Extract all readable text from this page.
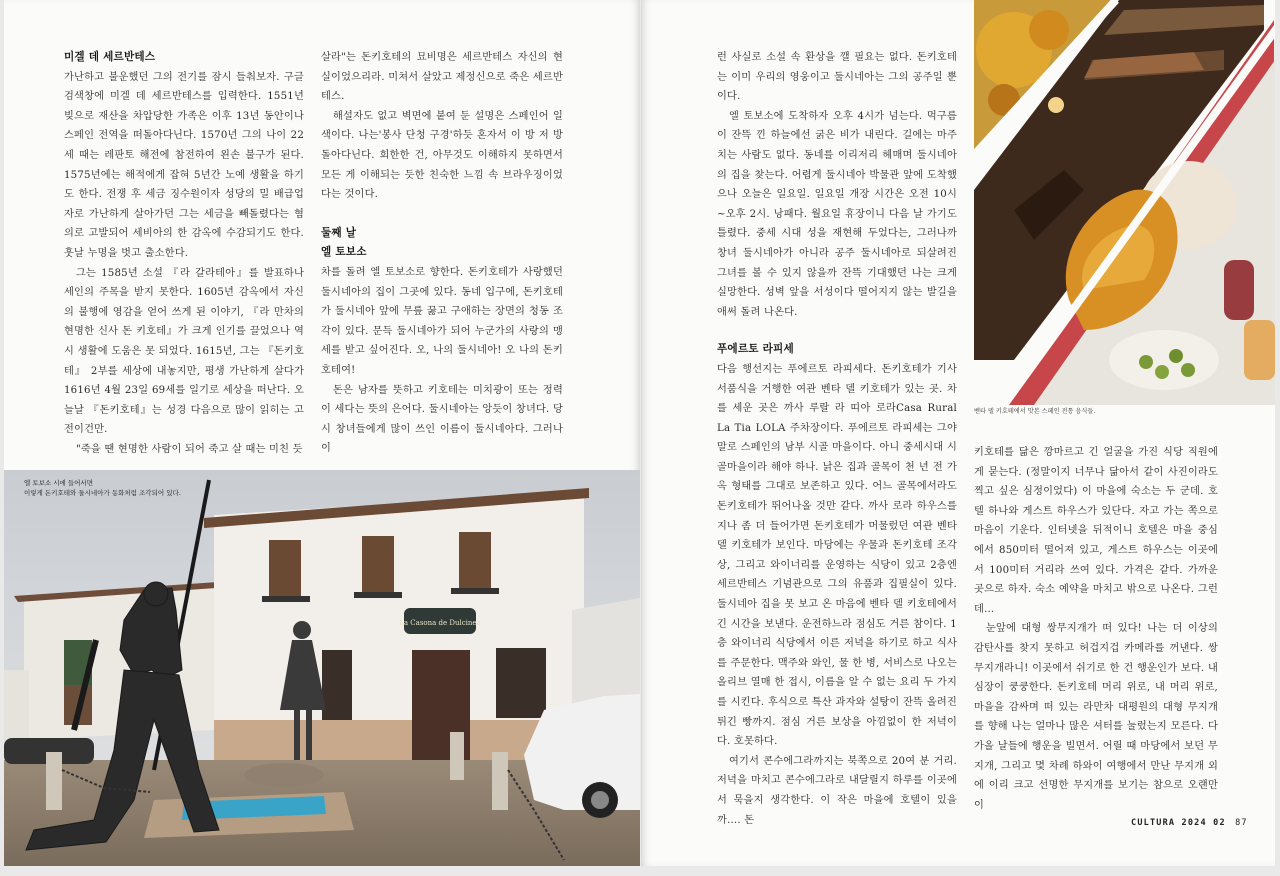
미겔 데 세르반테스

가난하고 불운했던 그의 전기를 잠시 들춰보자. 구글 검색창에 미겔 데 세르반테스를 입력한다. 1551년 빚으로 재산을 차압당한 가족은 이후 13년 동안이나 스페인 전역을 떠돌아다닌다. 1570년 그의 나이 22세 때는 레판토 해전에 참전하여 왼손 불구가 된다. 1575년에는 해적에게 잡혀 5년간 노예 생활을 하기도 한다. 전쟁 후 세금 징수원이자 성당의 밀 배급업자로 가난하게 살아가던 그는 세금을 빼돌렸다는 혐의로 고발되어 세비아의 한 감옥에 수감되기도 한다. 훗날 누명을 벗고 출소한다.

그는 1585년 소설 『라 갈라테아』를 발표하나 세인의 주목을 받지 못한다. 1605년 감옥에서 자신의 불행에 영감을 얻어 쓰게 된 이야기, 『라 만차의 현명한 신사 돈 키호테』가 크게 인기를 끌었으나 역시 생활에 도움은 못 되었다. 1615년, 그는 『돈키호테』 2부를 세상에 내놓지만, 평생 가난하게 살다가 1616년 4월 23일 69세를 일기로 세상을 떠난다. 오늘날 『돈키호테』는 성경 다음으로 많이 읽히는 고전이건만.

"죽을 땐 현명한 사람이 되어 죽고 살 때는 미친 듯

살라"는 돈키호테의 묘비명은 세르반테스 자신의 현실이었으리라. 미쳐서 살았고 제정신으로 죽은 세르반테스.

해설자도 없고 벽면에 붙여 둔 설명은 스페인어 일색이다. 나는'봉사 단청 구경'하듯 혼자서 이 방 저 방 돌아다닌다. 희한한 건, 아무것도 이해하지 못하면서 모든 게 이해되는 듯한 친숙한 느낌 속 브라우징이었다는 것이다.

둘째 날
엘 토보소

차를 돌려 엘 토보소로 향한다. 돈키호테가 사랑했던 둘시네아의 집이 그곳에 있다. 동네 입구에, 돈키호테가 둘시네아 앞에 무릎 꿇고 구애하는 장면의 청동 조각이 있다. 문득 둘시네아가 되어 누군가의 사랑의 맹세를 받고 싶어진다. 오, 나의 둘시네아! 오 나의 돈키호테여!

돈은 남자를 뜻하고 키호테는 미치광이 또는 정력이 세다는 뜻의 은어다. 둘시네아는 앙듯이 창녀다. 당시 창녀들에게 많이 쓰인 이름이 둘시네아다. 그러나 이

La Casona de Dulcinea
엘 토보소 시에 들어서면
이렇게 돈키호테와 둘시네아가 동화처럼 조각되어 있다.

런 사실로 소설 속 환상을 깰 필요는 없다. 돈키호테는 이미 우리의 영웅이고 둘시네아는 그의 공주일 뿐이다.

엘 토보소에 도착하자 오후 4시가 넘는다. 먹구름이 잔뜩 낀 하늘에선 굵은 비가 내린다. 길에는 마주치는 사람도 없다. 동네를 이리저리 헤매며 둘시네아의 집을 찾는다. 어렵게 둘시네아 박물관 앞에 도착했으나 오늘은 일요일. 일요일 개장 시간은 오전 10시~오후 2시. 낭패다. 월요일 휴장이니 다음 날 가기도 틀렸다. 중세 시대 성을 재현해 두었다는, 그러나까 창녀 둘시네아가 아니라 공주 둘시네아로 되살려진 그녀를 볼 수 있지 않을까 잔뜩 기대했던 나는 크게 실망한다. 성벽 앞을 서성이다 떨어지지 않는 발길을 애써 돌려 나온다.

푸에르토 라피세

다음 행선지는 푸에르토 라피세다. 돈키호테가 기사 서품식을 거행한 여관 벤타 델 키호테가 있는 곳. 차를 세운 곳은 까사 루랄 라 띠아 로라Casa Rural La Tia LOLA 주차장이다. 푸에르토 라피세는 그야말로 스페인의 남부 시골 마을이다. 아니 중세시대 시골마을이라 해야 하나. 낡은 집과 골목이 천 년 전 가옥 형태를 그대로 보존하고 있다. 어느 골목에서라도 돈키호테가 뛰어나올 것만 같다. 까사 로라 하우스를 지나 좀 더 들어가면 돈키호테가 머물렀던 여관 벤타 델 키호테가 보인다. 마당에는 우물과 돈키호테 조각상, 그리고 와이너리를 운영하는 식당이 있고 2층엔 세르반테스 기념관으로 그의 유품과 집필실이 있다. 둘시네아 집을 못 보고 온 마음에 벤타 델 키호테에서 긴 시간을 보낸다. 운전하느라 점심도 거른 참이다. 1층 와이너리 식당에서 이른 저녁을 하기로 하고 식사를 주문한다. 맥주와 와인, 물 한 병, 서비스로 나오는 올리브 열매 한 접시, 이름을 알 수 없는 요리 두 가지를 시킨다. 후식으로 특산 과자와 설탕이 잔뜩 올려진 튀긴 빵까지. 점심 거른 보상을 아낌없이 한 저녁이다. 호못하다.

여기서 콘수에그라까지는 북쪽으로 20여 분 거리. 저녁을 마치고 콘수에그라로 내달릴지 하루를 이곳에서 묵을지 생각한다. 이 작은 마을에 호텔이 있을까…. 돈

키호테를 닮은 깡마르고 긴 얼굴을 가진 식당 직원에게 묻는다. (정말이지 너무나 닮아서 같이 사진이라도 찍고 싶은 심정이었다) 이 마을에 숙소는 두 군데. 호텔 하나와 게스트 하우스가 있단다. 자고 가는 쪽으로 마음이 기운다. 인터넷을 뒤적이니 호텔은 마을 중심에서 850미터 떨어져 있고, 게스트 하우스는 이곳에서 100미터 거리라 쓰여 있다. 가격은 같다. 가까운 곳으로 하자. 숙소 예약을 마치고 밖으로 나온다. 그런데…

눈앞에 대형 쌍무지개가 떠 있다! 나는 더 이상의 감탄사를 찾지 못하고 허겁지겁 카메라를 꺼낸다. 쌍무지개라니! 이곳에서 쉬기로 한 건 행운인가 보다. 내 심장이 쿵쿵한다. 돈키호테 머리 위로, 내 머리 위로, 마을을 감싸며 떠 있는 라만차 대평원의 대형 무지개를 향해 나는 얼마나 많은 셔터를 눌렀는지 모른다. 다가올 날들에 행운을 빌면서. 어릴 때 마당에서 보던 무지개, 그리고 몇 차례 하와이 여행에서 만난 무지개 외에 이리 크고 선명한 무지개를 보기는 참으로 오랜만이

벤타 델 키호테에서 맛본 스페인 전통 음식들.
CULTURA 2024 02 87
